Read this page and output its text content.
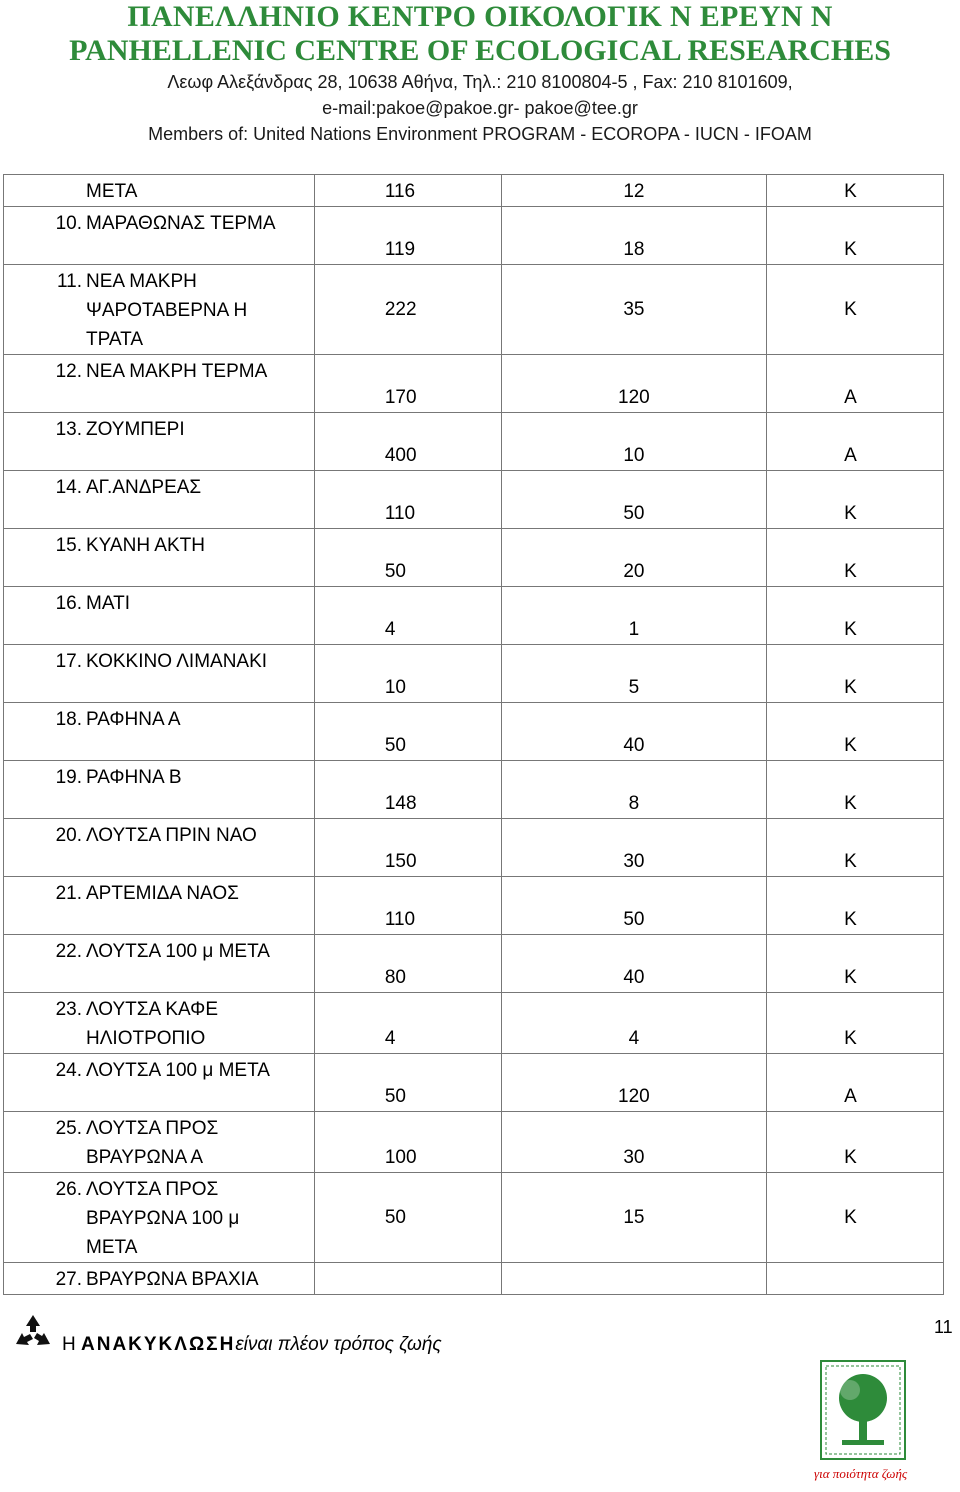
ΠΑΝΕΛΛΗΝΙΟ ΚΕΝΤΡΟ ΟΙΚΟΛΟΓΙΚ Ν ΕΡΕΥΝ Ν
PANHELLENIC CENTRE OF ECOLOGICAL RESEARCHES
Λεωφ Αλεξάνδρας 28, 10638 Αθήνα, Τηλ.: 210 8100804-5 , Fax: 210 8101609,
e-mail:pakoe@pakoe.gr- pakoe@tee.gr
Members of: United Nations Environment PROGRAM - ECOROPA - IUCN - IFOAM
ΜΕΤΑ	116	12	Κ

10. ΜΑΡΑΘΩΝΑΣ ΤΕΡΜΑ	119	18	Κ

11. ΝΕΑ ΜΑΚΡΗ
ΨΑΡΟΤΑΒΕΡΝΑ Η
ΤΡΑΤΑ	222	35	Κ

12. ΝΕΑ ΜΑΚΡΗ ΤΕΡΜΑ	170	120	Α

13. ΖΟΥΜΠΕΡΙ	400	10	Α

14. ΑΓ.ΑΝΔΡΕΑΣ	110	50	Κ

15. ΚΥΑΝΗ ΑΚΤΗ	50	20	Κ

16. ΜΑΤΙ	4	1	Κ

17. ΚΟΚΚΙΝΟ ΛΙΜΑΝΑΚΙ	10	5	Κ

18. ΡΑΦΗΝΑ Α	50	40	Κ

19. ΡΑΦΗΝΑ Β	148	8	Κ

20. ΛΟΥΤΣΑ ΠΡΙΝ ΝΑΟ	150	30	Κ

21. ΑΡΤΕΜΙΔΑ ΝΑΟΣ	110	50	Κ

22. ΛΟΥΤΣΑ 100 μ ΜΕΤΑ	80	40	Κ

23. ΛΟΥΤΣΑ ΚΑΦΕ
ΗΛΙΟΤΡΟΠΙΟ	4	4	Κ

24. ΛΟΥΤΣΑ 100 μ ΜΕΤΑ	50	120	Α

25. ΛΟΥΤΣΑ ΠΡΟΣ
ΒΡΑΥΡΩΝΑ Α	100	30	Κ

26. ΛΟΥΤΣΑ ΠΡΟΣ
ΒΡΑΥΡΩΝΑ 100 μ
ΜΕΤΑ	50	15	Κ

27. ΒΡΑΥΡΩΝΑ ΒΡΑΧΙΑ			

Η ΑΝΑΚΥΚΛΩΣΗείναι πλέον τρόπος ζωής
11
για ποιότητα ζωής
